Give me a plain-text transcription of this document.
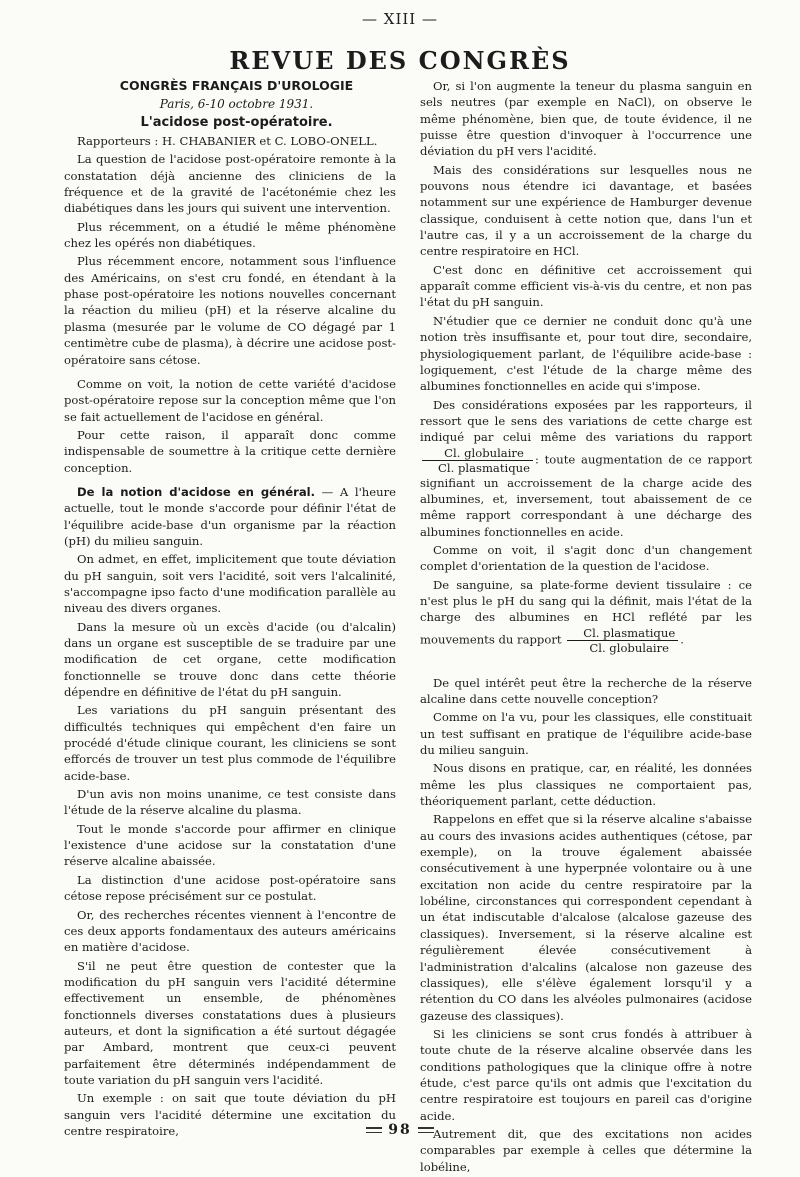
— XIII —
REVUE DES CONGRÈS

CONGRÈS FRANÇAIS D'UROLOGIE

Paris, 6-10 octobre 1931.

L'acidose post-opératoire.

Rapporteurs : H. CHABANIER et C. LOBO-ONELL.

La question de l'acidose post-opératoire remonte à la constatation déjà ancienne des cliniciens de la fréquence et de la gravité de l'acétonémie chez les diabétiques dans les jours qui suivent une intervention.

Plus récemment, on a étudié le même phénomène chez les opérés non diabétiques.

Plus récemment encore, notamment sous l'influence des Américains, on s'est cru fondé, en étendant à la phase post-opératoire les notions nouvelles concernant la réaction du milieu (pH) et la réserve alcaline du plasma (mesurée par le volume de CO dégagé par 1 centimètre cube de plasma), à décrire une acidose post-opératoire sans cétose.

Comme on voit, la notion de cette variété d'acidose post-opératoire repose sur la conception même que l'on se fait actuellement de l'acidose en général.

Pour cette raison, il apparaît donc comme indispensable de soumettre à la critique cette dernière conception.

De la notion d'acidose en général. — A l'heure actuelle, tout le monde s'accorde pour définir l'état de l'équilibre acide-base d'un organisme par la réaction (pH) du milieu sanguin.

On admet, en effet, implicitement que toute déviation du pH sanguin, soit vers l'acidité, soit vers l'alcalinité, s'accompagne ipso facto d'une modification parallèle au niveau des divers organes.

Dans la mesure où un excès d'acide (ou d'alcalin) dans un organe est susceptible de se traduire par une modification de cet organe, cette modification fonctionnelle se trouve donc dans cette théorie dépendre en définitive de l'état du pH sanguin.

Les variations du pH sanguin présentant des difficultés techniques qui empêchent d'en faire un procédé d'étude clinique courant, les cliniciens se sont efforcés de trouver un test plus commode de l'équilibre acide-base.

D'un avis non moins unanime, ce test consiste dans l'étude de la réserve alcaline du plasma.

Tout le monde s'accorde pour affirmer en clinique l'existence d'une acidose sur la constatation d'une réserve alcaline abaissée.

La distinction d'une acidose post-opératoire sans cétose repose précisément sur ce postulat.

Or, des recherches récentes viennent à l'encontre de ces deux apports fondamentaux des auteurs américains en matière d'acidose.

S'il ne peut être question de contester que la modification du pH sanguin vers l'acidité détermine effectivement un ensemble, de phénomènes fonctionnels diverses constatations dues à plusieurs auteurs, et dont la signification a été surtout dégagée par Ambard, montrent que ceux-ci peuvent parfaitement être déterminés indépendamment de toute variation du pH sanguin vers l'acidité.

Un exemple : on sait que toute déviation du pH sanguin vers l'acidité détermine une excitation du centre respiratoire,

Or, si l'on augmente la teneur du plasma sanguin en sels neutres (par exemple en NaCl), on observe le même phénomène, bien que, de toute évidence, il ne puisse être question d'invoquer à l'occurrence une déviation du pH vers l'acidité.

Mais des considérations sur lesquelles nous ne pouvons nous étendre ici davantage, et basées notamment sur une expérience de Hamburger devenue classique, conduisent à cette notion que, dans l'un et l'autre cas, il y a un accroissement de la charge du centre respiratoire en HCl.

C'est donc en définitive cet accroissement qui apparaît comme efficient vis-à-vis du centre, et non pas l'état du pH sanguin.

N'étudier que ce dernier ne conduit donc qu'à une notion très insuffisante et, pour tout dire, secondaire, physiologiquement parlant, de l'équilibre acide-base : logiquement, c'est l'étude de la charge même des albumines fonctionnelles en acide qui s'impose.

Des considérations exposées par les rapporteurs, il ressort que le sens des variations de cette charge est indiqué par celui même des variations du rapport
$\frac{\text{Cl. globulaire}}{\text{Cl. plasmatique}}$ : toute augmentation de ce rapport signifiant un accroissement de la charge acide des albumines, et, inversement, tout abaissement de ce même rapport correspondant à une décharge des albumines fonctionnelles en acide.

Comme on voit, il s'agit donc d'un changement complet d'orientation de la question de l'acidose.

De sanguine, sa plate-forme devient tissulaire : ce n'est plus le pH du sang qui la définit, mais l'état de la charge des albumines en HCl reflété par les mouvements du rapport $\frac{\text{Cl. plasmatique}}{\text{Cl. globulaire}}$ .

De quel intérêt peut être la recherche de la réserve alcaline dans cette nouvelle conception?

Comme on l'a vu, pour les classiques, elle constituait un test suffisant en pratique de l'équilibre acide-base du milieu sanguin.

Nous disons en pratique, car, en réalité, les données même les plus classiques ne comportaient pas, théoriquement parlant, cette déduction.

Rappelons en effet que si la réserve alcaline s'abaisse au cours des invasions acides authentiques (cétose, par exemple), on la trouve également abaissée consécutivement à une hyperpnée volontaire ou à une excitation non acide du centre respiratoire par la lobéline, circonstances qui correspondent cependant à un état indiscutable d'alcalose (alcalose gazeuse des classiques). Inversement, si la réserve alcaline est régulièrement élevée consécutivement à l'administration d'alcalins (alcalose non gazeuse des classiques), elle s'élève également lorsqu'il y a rétention du CO dans les alvéoles pulmonaires (acidose gazeuse des classiques).

Si les cliniciens se sont crus fondés à attribuer à toute chute de la réserve alcaline observée dans les conditions pathologiques que la clinique offre à notre étude, c'est parce qu'ils ont admis que l'excitation du centre respiratoire est toujours en pareil cas d'origine acide.

Autrement dit, que des excitations non acides comparables par exemple à celles que détermine la lobéline,

98
